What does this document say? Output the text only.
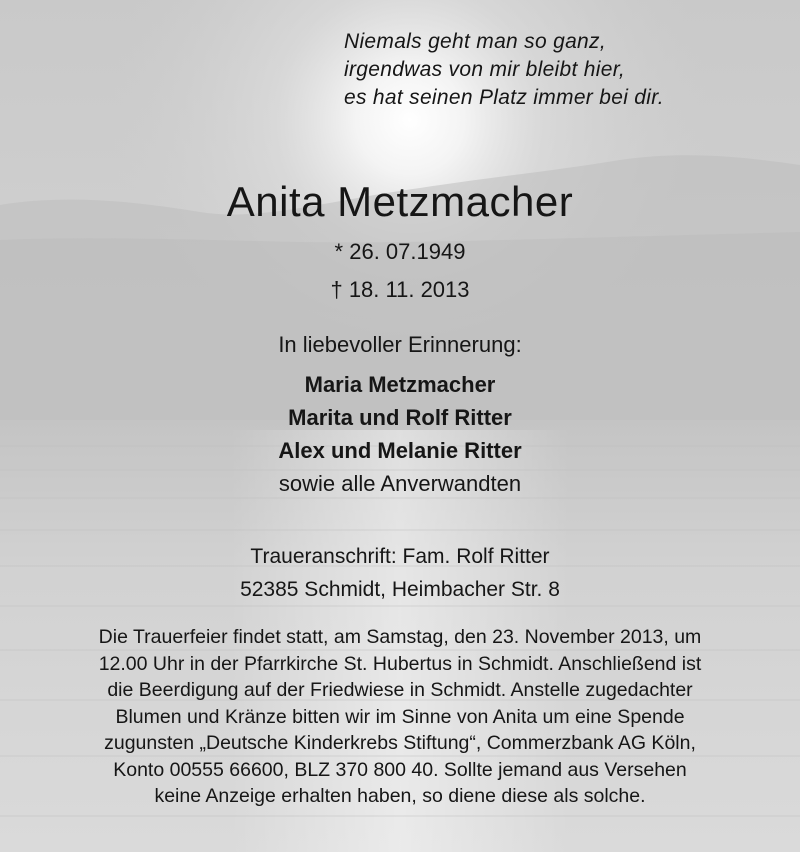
Niemals geht man so ganz,
irgendwas von mir bleibt hier,
es hat seinen Platz immer bei dir.
Anita Metzmacher
* 26. 07.1949
† 18. 11. 2013
In liebevoller Erinnerung:
Maria Metzmacher
Marita und Rolf Ritter
Alex und Melanie Ritter
sowie alle Anverwandten
Traueranschrift: Fam. Rolf Ritter
52385 Schmidt, Heimbacher Str. 8
Die Trauerfeier findet statt, am Samstag, den 23. November 2013, um
12.00 Uhr in der Pfarrkirche St. Hubertus in Schmidt. Anschließend ist
die Beerdigung auf der Friedwiese in Schmidt. Anstelle zugedachter
Blumen und Kränze bitten wir im Sinne von Anita um eine Spende
zugunsten „Deutsche Kinderkrebs Stiftung“, Commerzbank AG Köln,
Konto 00555 66600, BLZ 370 800 40. Sollte jemand aus Versehen
keine Anzeige erhalten haben, so diene diese als solche.
